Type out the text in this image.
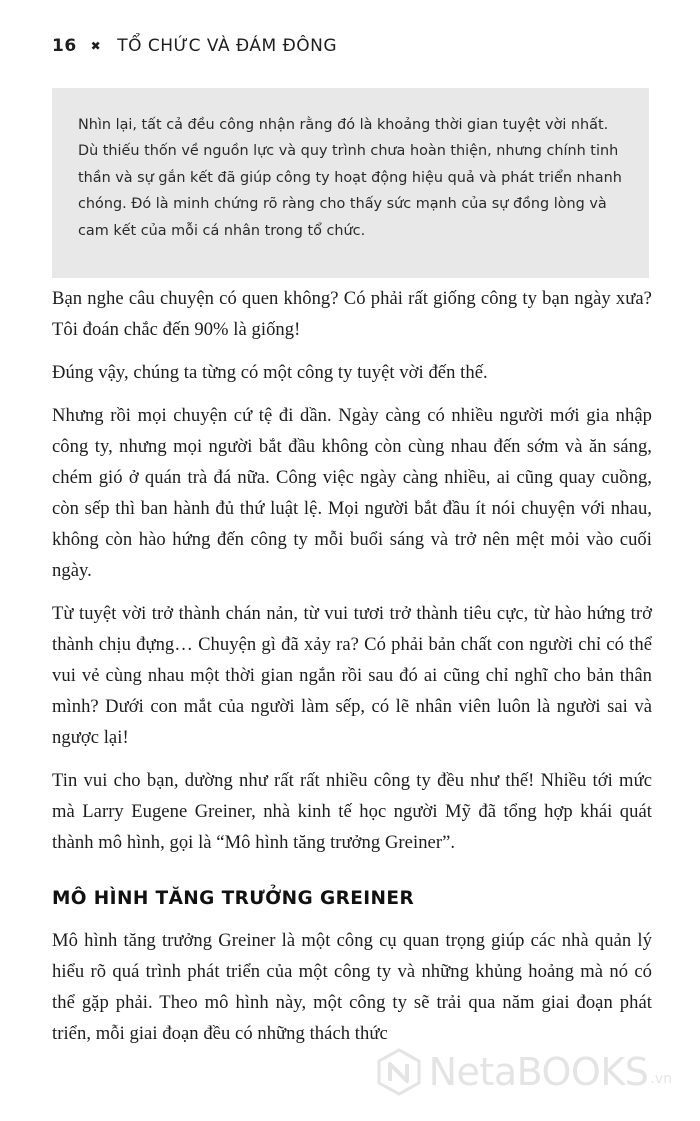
16 ✖ TỔ CHỨC VÀ ĐÁM ĐÔNG

Nhìn lại, tất cả đều công nhận rằng đó là khoảng thời gian tuyệt vời nhất. Dù thiếu thốn về nguồn lực và quy trình chưa hoàn thiện, nhưng chính tinh thần và sự gắn kết đã giúp công ty hoạt động hiệu quả và phát triển nhanh chóng. Đó là minh chứng rõ ràng cho thấy sức mạnh của sự đồng lòng và cam kết của mỗi cá nhân trong tổ chức.

Bạn nghe câu chuyện có quen không? Có phải rất giống công ty bạn ngày xưa? Tôi đoán chắc đến 90% là giống!

Đúng vậy, chúng ta từng có một công ty tuyệt vời đến thế.

Nhưng rồi mọi chuyện cứ tệ đi dần. Ngày càng có nhiều người mới gia nhập công ty, nhưng mọi người bắt đầu không còn cùng nhau đến sớm và ăn sáng, chém gió ở quán trà đá nữa. Công việc ngày càng nhiều, ai cũng quay cuồng, còn sếp thì ban hành đủ thứ luật lệ. Mọi người bắt đầu ít nói chuyện với nhau, không còn hào hứng đến công ty mỗi buổi sáng và trở nên mệt mỏi vào cuối ngày.

Từ tuyệt vời trở thành chán nản, từ vui tươi trở thành tiêu cực, từ hào hứng trở thành chịu đựng… Chuyện gì đã xảy ra? Có phải bản chất con người chỉ có thể vui vẻ cùng nhau một thời gian ngắn rồi sau đó ai cũng chỉ nghĩ cho bản thân mình? Dưới con mắt của người làm sếp, có lẽ nhân viên luôn là người sai và ngược lại!

Tin vui cho bạn, dường như rất rất nhiều công ty đều như thế! Nhiều tới mức mà Larry Eugene Greiner, nhà kinh tế học người Mỹ đã tổng hợp khái quát thành mô hình, gọi là “Mô hình tăng trưởng Greiner”.

MÔ HÌNH TĂNG TRƯỞNG GREINER

Mô hình tăng trưởng Greiner là một công cụ quan trọng giúp các nhà quản lý hiểu rõ quá trình phát triển của một công ty và những khủng hoảng mà nó có thể gặp phải. Theo mô hình này, một công ty sẽ trải qua năm giai đoạn phát triển, mỗi giai đoạn đều có những thách thức

NetaBOOKS .vn
